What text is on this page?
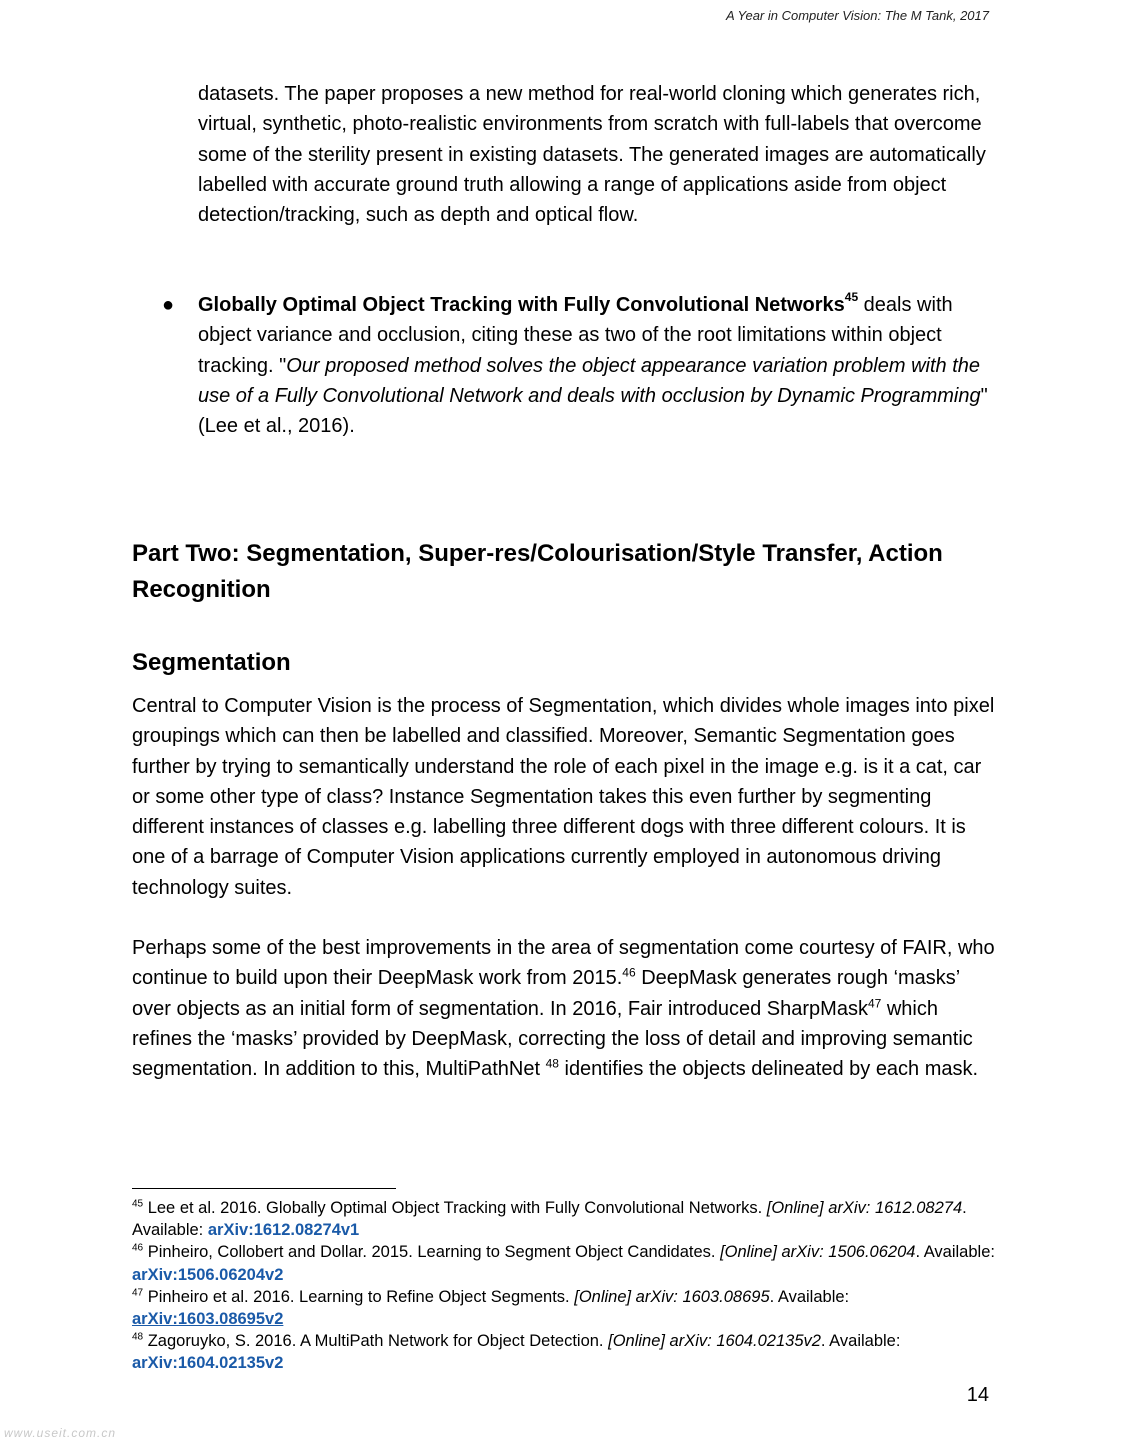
A Year in Computer Vision: The M Tank, 2017

datasets. The paper proposes a new method for real-world cloning which generates rich, virtual, synthetic, photo-realistic environments from scratch with full-labels that overcome some of the sterility present in existing datasets. The generated images are automatically labelled with accurate ground truth allowing a range of applications aside from object detection/tracking, such as depth and optical flow.

● Globally Optimal Object Tracking with Fully Convolutional Networks$^{45}$ deals with object variance and occlusion, citing these as two of the root limitations within object tracking. "Our proposed method solves the object appearance variation problem with the use of a Fully Convolutional Network and deals with occlusion by Dynamic Programming" (Lee et al., 2016).

Part Two: Segmentation, Super-res/Colourisation/Style Transfer, Action Recognition
Segmentation

Central to Computer Vision is the process of Segmentation, which divides whole images into pixel groupings which can then be labelled and classified. Moreover, Semantic Segmentation goes further by trying to semantically understand the role of each pixel in the image e.g. is it a cat, car or some other type of class? Instance Segmentation takes this even further by segmenting different instances of classes e.g. labelling three different dogs with three different colours. It is one of a barrage of Computer Vision applications currently employed in autonomous driving technology suites.

Perhaps some of the best improvements in the area of segmentation come courtesy of FAIR, who continue to build upon their DeepMask work from 2015.46 DeepMask generates rough ‘masks’ over objects as an initial form of segmentation. In 2016, Fair introduced SharpMask$^{47}$ which refines the ‘masks’ provided by DeepMask, correcting the loss of detail and improving semantic segmentation. In addition to this, MultiPathNet $^{48}$ identifies the objects delineated by each mask.

$^{45}$ Lee et al. 2016. Globally Optimal Object Tracking with Fully Convolutional Networks. [Online] arXiv: 1612.08274. Available: arXiv:1612.08274v1

$^{46}$ Pinheiro, Collobert and Dollar. 2015. Learning to Segment Object Candidates. [Online] arXiv: 1506.06204. Available: arXiv:1506.06204v2

$^{47}$ Pinheiro et al. 2016. Learning to Refine Object Segments. [Online] arXiv: 1603.08695. Available:
arXiv:1603.08695v2

$^{48}$ Zagoruyko, S. 2016. A MultiPath Network for Object Detection. [Online] arXiv: 1604.02135v2. Available:
arXiv:1604.02135v2

14
www.useit.com.cn
